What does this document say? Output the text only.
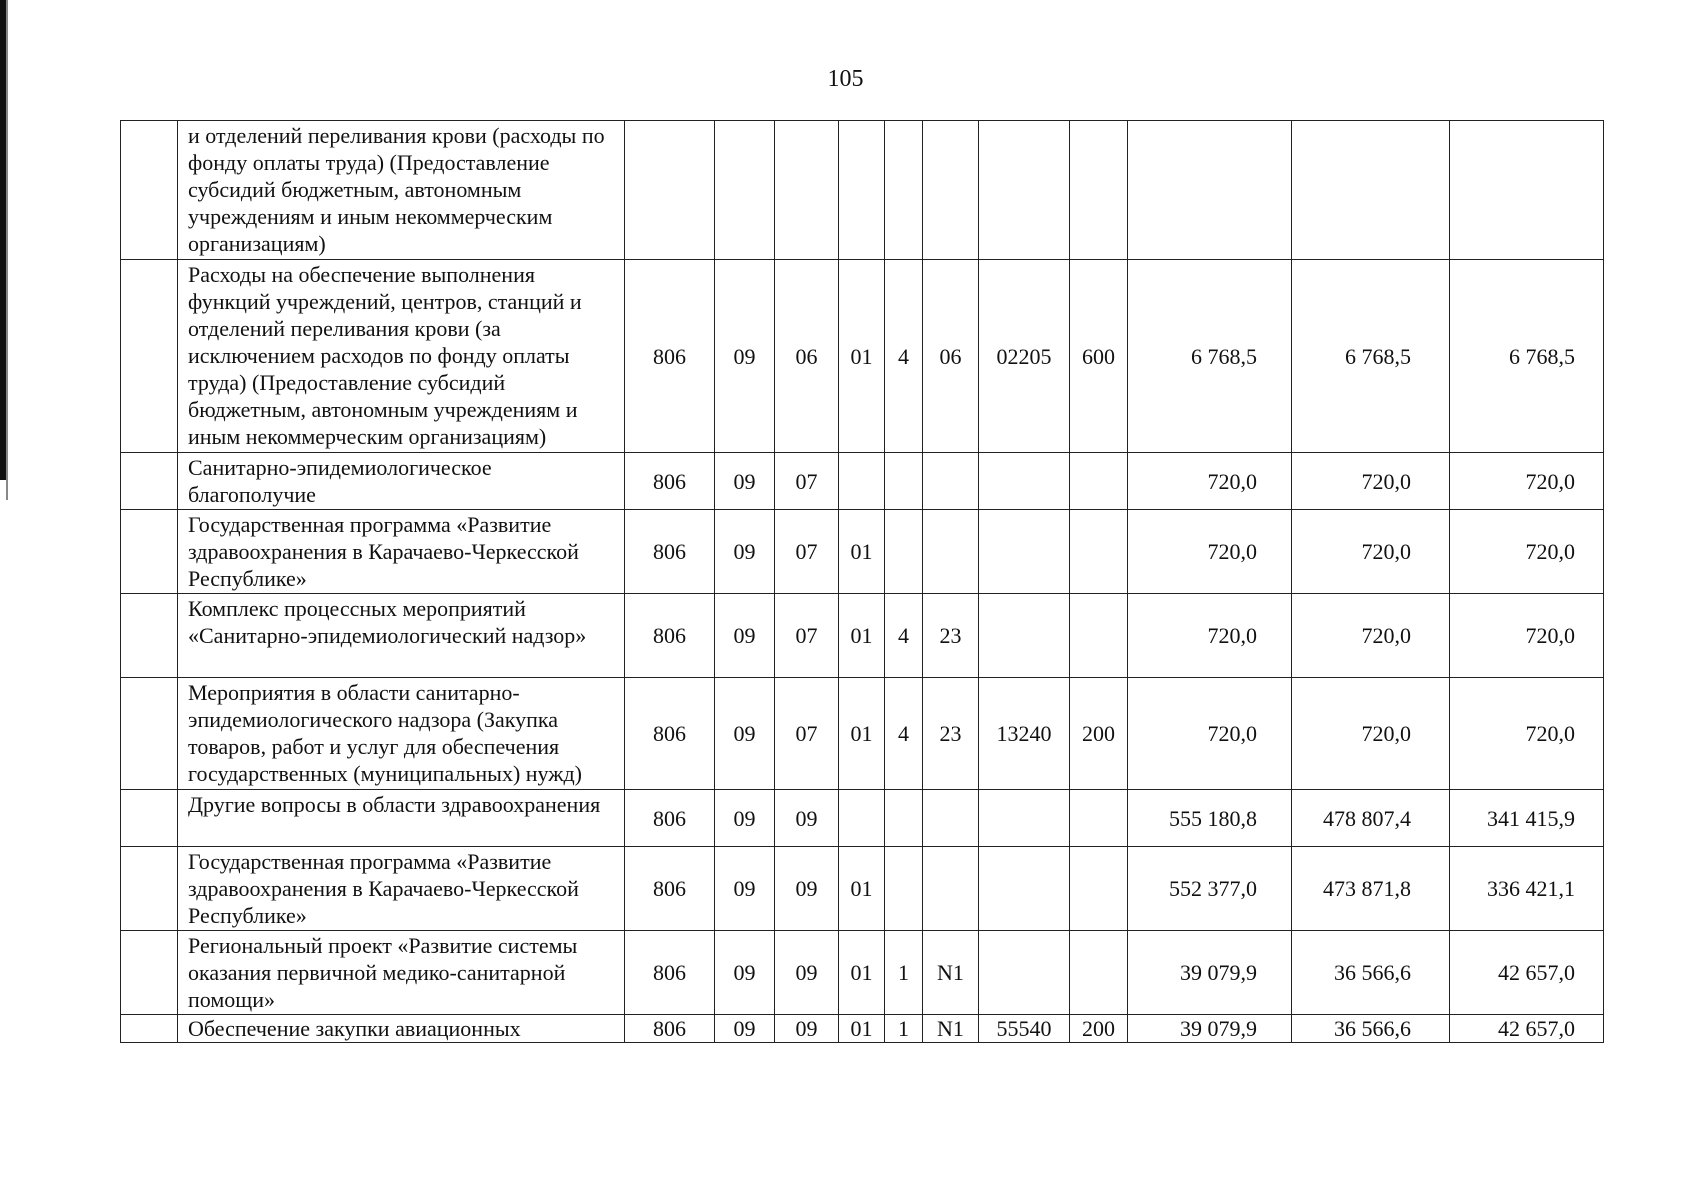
105
	и отделений переливания крови (расходы по фонду оплаты труда) (Предоставление субсидий бюджетным, автономным учреждениям и иным некоммерческим организациям)											
	Расходы на обеспечение выполнения функций учреждений, центров, станций и отделений переливания крови (за исключением расходов по фонду оплаты труда) (Предоставление субсидий бюджетным, автономным учреждениям и иным некоммерческим организациям)	806	09	06	01	4	06	02205	600	6 768,5	6 768,5	6 768,5
	Санитарно-эпидемиологическое благополучие	806	09	07						720,0	720,0	720,0
	Государственная программа «Развитие здравоохранения в Карачаево-Черкесской Республике»	806	09	07	01					720,0	720,0	720,0
	Комплекс процессных мероприятий «Санитарно-эпидемиологический надзор»	806	09	07	01	4	23			720,0	720,0	720,0
	Мероприятия в области санитарно-эпидемиологического надзора (Закупка товаров, работ и услуг для обеспечения государственных (муниципальных) нужд)	806	09	07	01	4	23	13240	200	720,0	720,0	720,0
	Другие вопросы в области здравоохранения	806	09	09						555 180,8	478 807,4	341 415,9
	Государственная программа «Развитие здравоохранения в Карачаево-Черкесской Республике»	806	09	09	01					552 377,0	473 871,8	336 421,1
	Региональный проект «Развитие системы оказания первичной медико-санитарной помощи»	806	09	09	01	1	N1			39 079,9	36 566,6	42 657,0
	Обеспечение закупки авиационных	806	09	09	01	1	N1	55540	200	39 079,9	36 566,6	42 657,0
